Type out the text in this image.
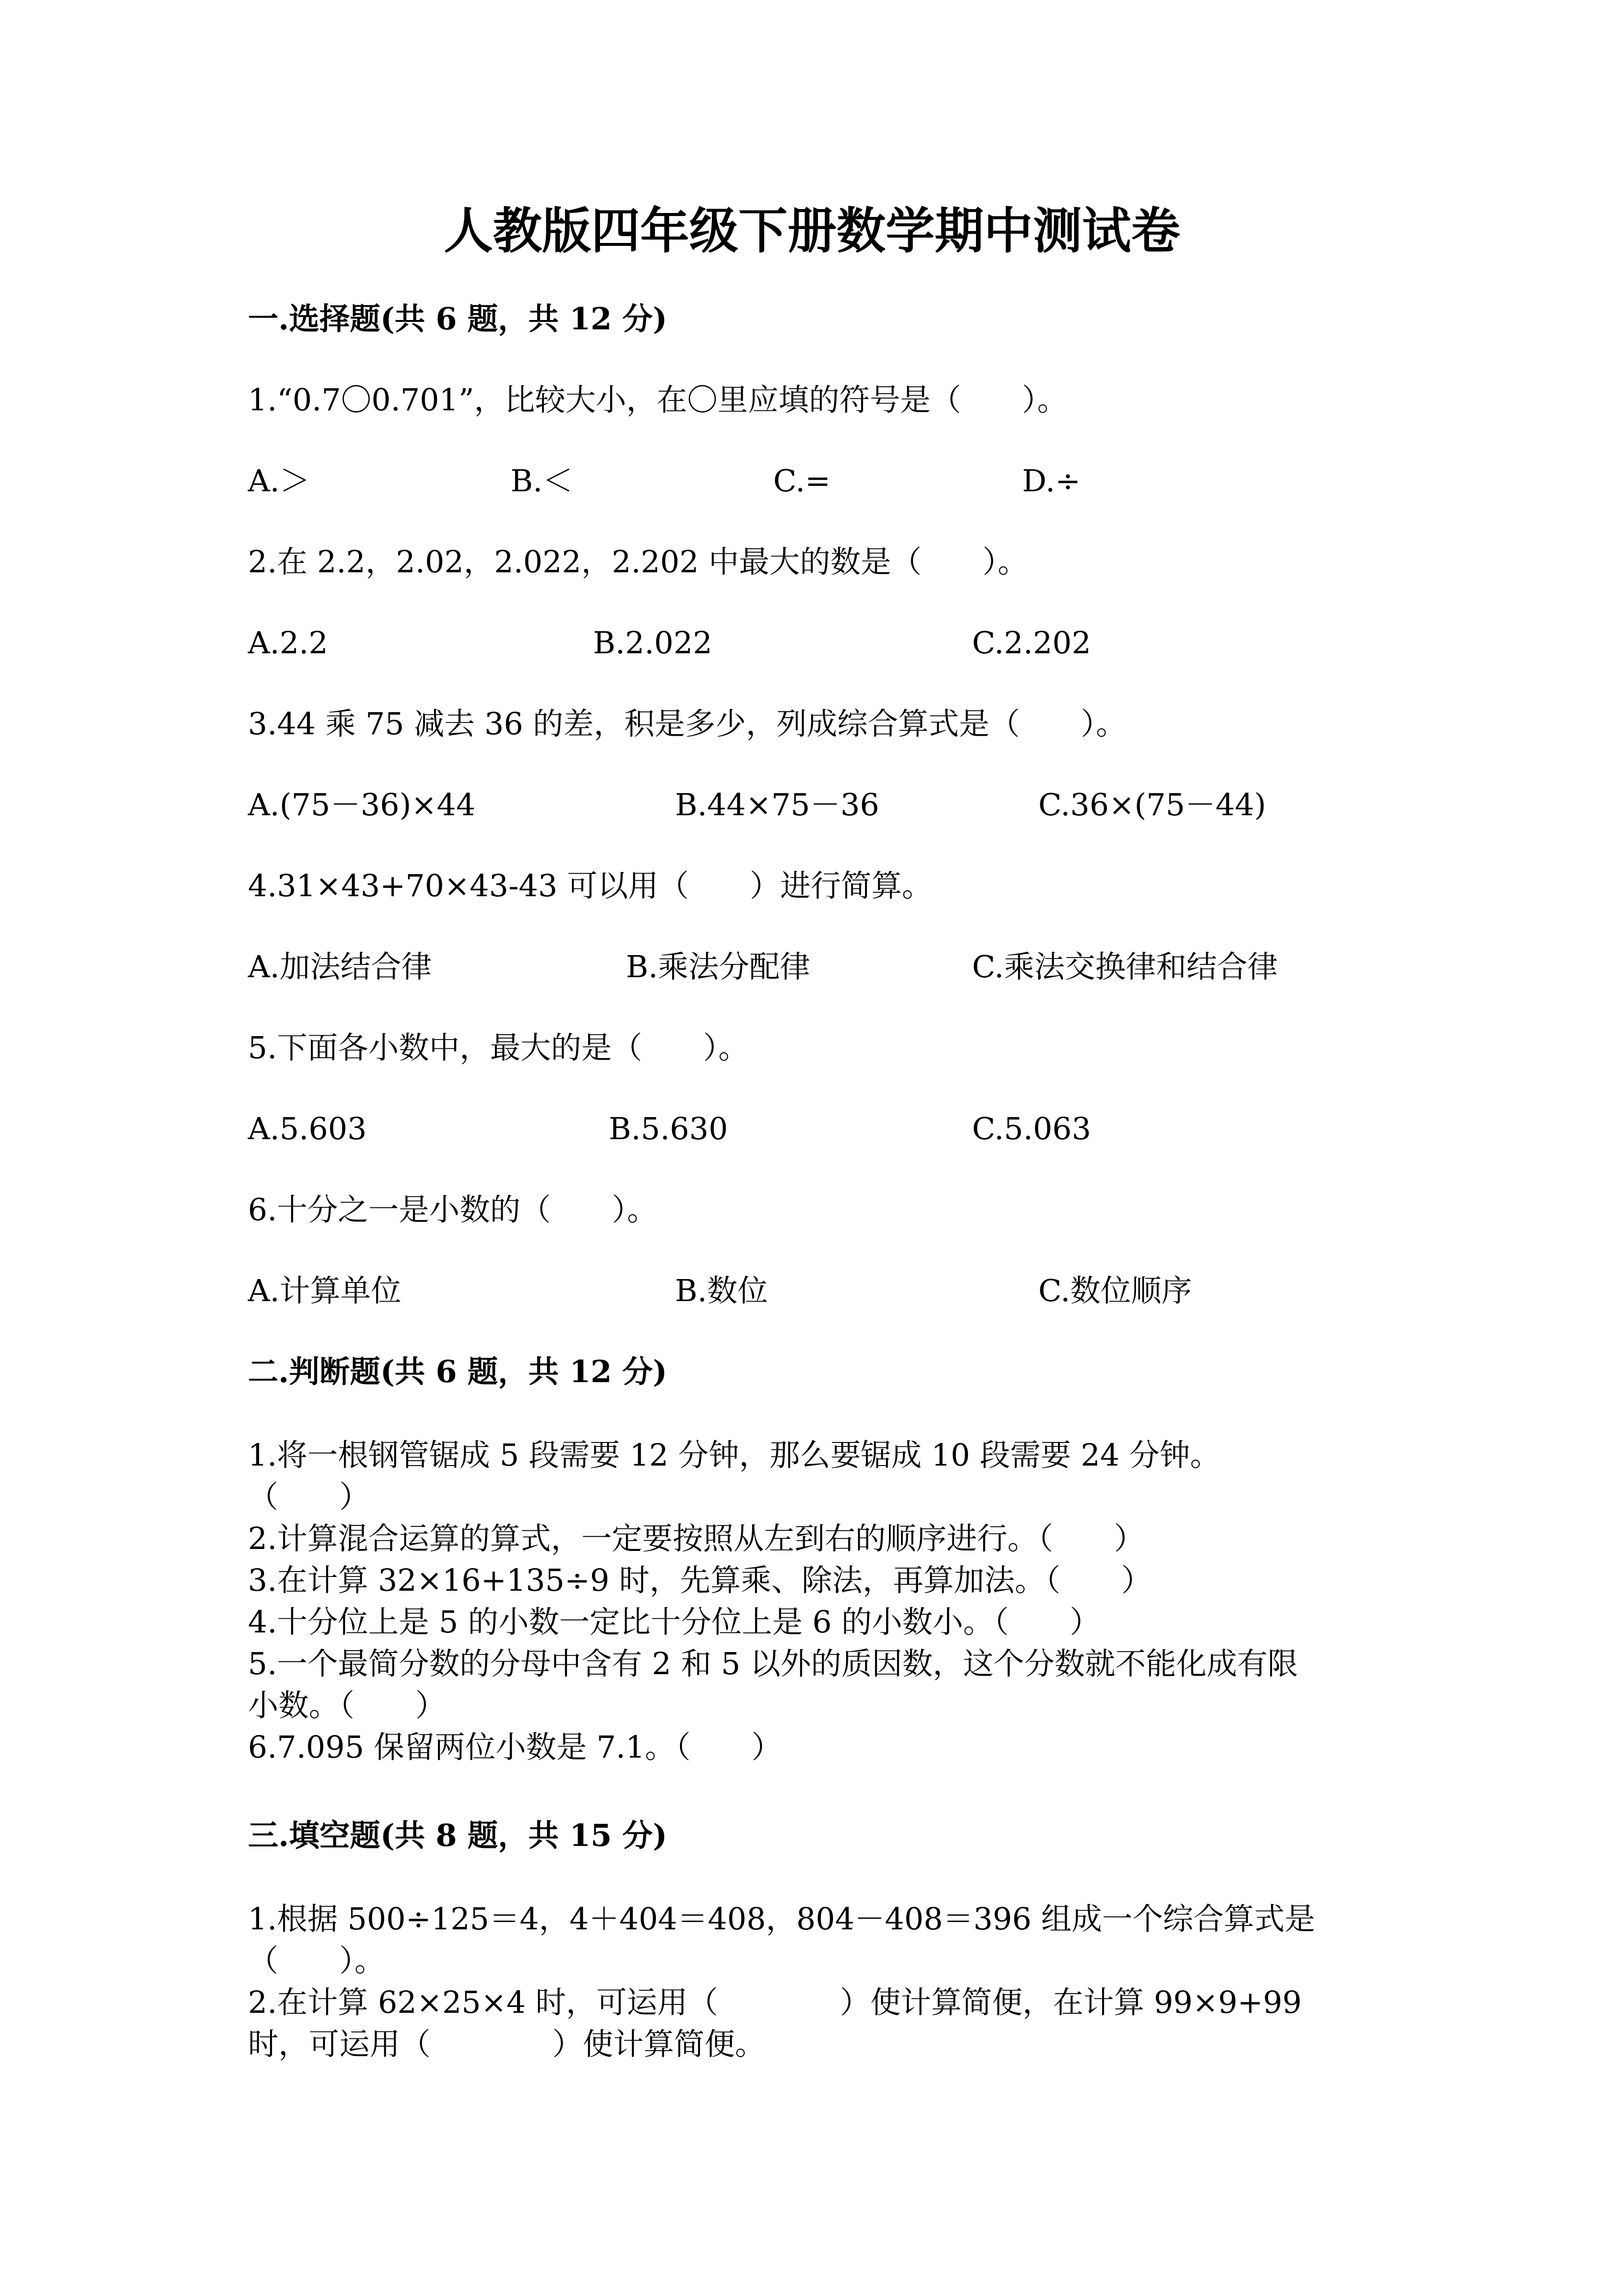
人教版四年级下册数学期中测试卷
一.选择题(共 6 题，共 12 分)
1.“0.7〇0.701”，比较大小，在〇里应填的符号是（　　）。
A.＞	B.＜	C.=	D.÷
2.在 2.2，2.02，2.022，2.202 中最大的数是（　　）。
A.2.2	B.2.022	C.2.202
3.44 乘 75 减去 36 的差，积是多少，列成综合算式是（　　）。
A.(75－36)×44	B.44×75－36	C.36×(75－44)
4.31×43+70×43-43 可以用（　　）进行简算。
A.加法结合律	B.乘法分配律	C.乘法交换律和结合律
5.下面各小数中，最大的是（　　）。
A.5.603	B.5.630	C.5.063
6.十分之一是小数的（　　）。
A.计算单位	B.数位	C.数位顺序
二.判断题(共 6 题，共 12 分)
1.将一根钢管锯成 5 段需要 12 分钟，那么要锯成 10 段需要 24 分钟。
（　　）
2.计算混合运算的算式，一定要按照从左到右的顺序进行。（　　）
3.在计算 32×16+135÷9 时，先算乘、除法，再算加法。（　　）
4.十分位上是 5 的小数一定比十分位上是 6 的小数小。（　　）
5.一个最简分数的分母中含有 2 和 5 以外的质因数，这个分数就不能化成有限
小数。（　　）
6.7.095 保留两位小数是 7.1。（　　）
三.填空题(共 8 题，共 15 分)
1.根据 500÷125＝4，4＋404＝408，804－408＝396 组成一个综合算式是
（　　）。
2.在计算 62×25×4 时，可运用（　　　　）使计算简便，在计算 99×9+99
时，可运用（　　　　）使计算简便。
